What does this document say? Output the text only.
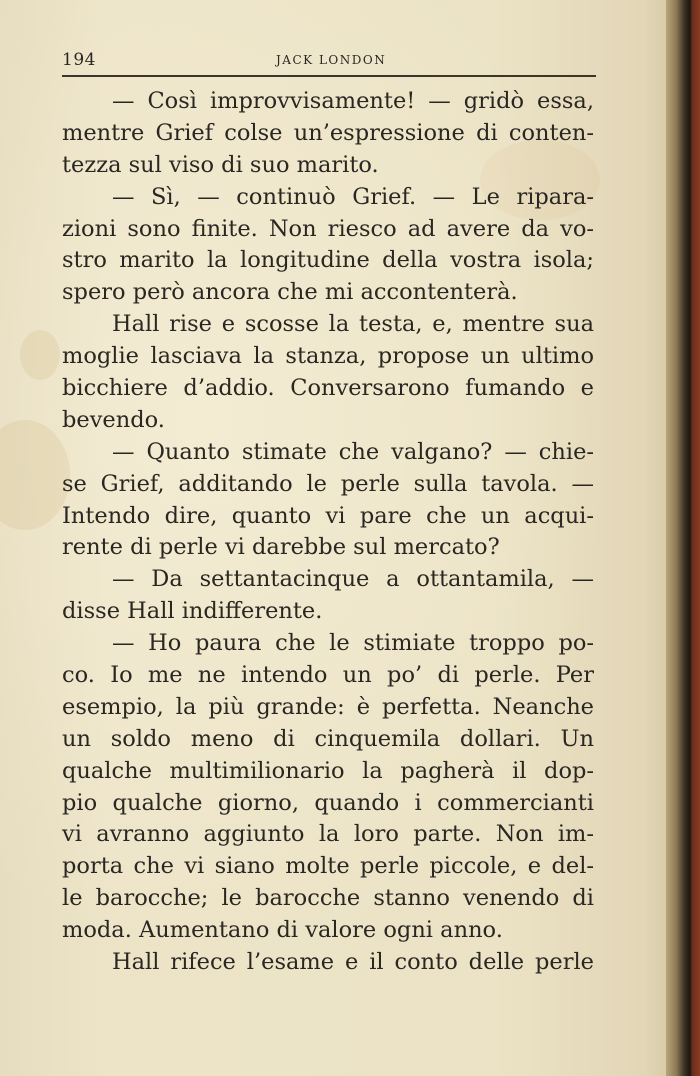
194	JACK LONDON

— Così improvvisamente! — gridò essa,
mentre Grief colse un’espressione di conten-
tezza sul viso di suo marito.

— Sì, — continuò Grief. — Le ripara-
zioni sono finite. Non riesco ad avere da vo-
stro marito la longitudine della vostra isola;
spero però ancora che mi accontenterà.

Hall rise e scosse la testa, e, mentre sua
moglie lasciava la stanza, propose un ultimo
bicchiere d’addio. Conversarono fumando e
bevendo.

— Quanto stimate che valgano? — chie-
se Grief, additando le perle sulla tavola. —
Intendo dire, quanto vi pare che un acqui-
rente di perle vi darebbe sul mercato?

— Da settantacinque a ottantamila, —
disse Hall indifferente.

— Ho paura che le stimiate troppo po-
co. Io me ne intendo un po’ di perle. Per
esempio, la più grande: è perfetta. Neanche
un soldo meno di cinquemila dollari. Un
qualche multimilionario la pagherà il dop-
pio qualche giorno, quando i commercianti
vi avranno aggiunto la loro parte. Non im-
porta che vi siano molte perle piccole, e del-
le barocche; le barocche stanno venendo di
moda. Aumentano di valore ogni anno.

Hall rifece l’esame e il conto delle perle
